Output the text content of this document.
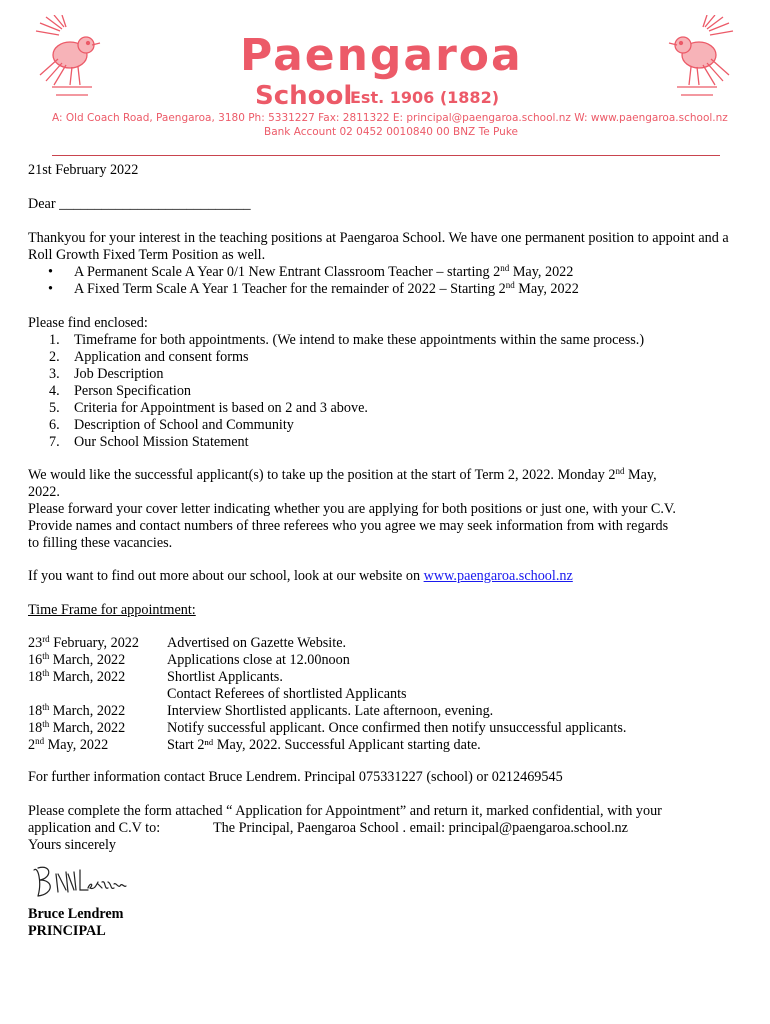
Paengaroa
School
Est. 1906 (1882)
A: Old Coach Road, Paengaroa, 3180 Ph: 5331227 Fax: 2811322 E: principal@paengaroa.school.nz W: www.paengaroa.school.nz
Bank Account 02 0452 0010840 00 BNZ Te Puke
21st February 2022
Dear ___________________________
Thankyou for your interest in the teaching positions at Paengaroa School. We have one permanent position to appoint and a Roll Growth Fixed Term Position as well.
• A Permanent Scale A Year 0/1 New Entrant Classroom Teacher – starting 2nd May, 2022
• A Fixed Term Scale A Year 1 Teacher for the remainder of 2022 – Starting 2nd May, 2022
Please find enclosed:
1. Timeframe for both appointments. (We intend to make these appointments within the same process.)
2. Application and consent forms
3. Job Description
4. Person Specification
5. Criteria for Appointment is based on 2 and 3 above.
6. Description of School and Community
7. Our School Mission Statement
We would like the successful applicant(s) to take up the position at the start of Term 2, 2022. Monday 2nd May,
2022.
Please forward your cover letter indicating whether you are applying for both positions or just one, with your C.V.
Provide names and contact numbers of three referees who you agree we may seek information from with regards
to filling these vacancies.
If you want to find out more about our school, look at our website on www.paengaroa.school.nz
Time Frame for appointment:
23rd February, 2022 Advertised on Gazette Website.
16th March, 2022	Applications close at 12.00noon
18th March, 2022	Shortlist Applicants.
Contact Referees of shortlisted Applicants
18th March, 2022	Interview Shortlisted applicants. Late afternoon, evening.
18th March, 2022	Notify successful applicant. Once confirmed then notify unsuccessful applicants.
2nd May, 2022	Start 2ⁿᵈ May, 2022. Successful Applicant starting date.
For further information contact Bruce Lendrem. Principal 075331227 (school) or 0212469545
Please complete the form attached “ Application for Appointment” and return it, marked confidential, with your
application and C.V to:	The Principal, Paengaroa School . email: principal@paengaroa.school.nz
Yours sincerely
Bruce Lendrem
PRINCIPAL
